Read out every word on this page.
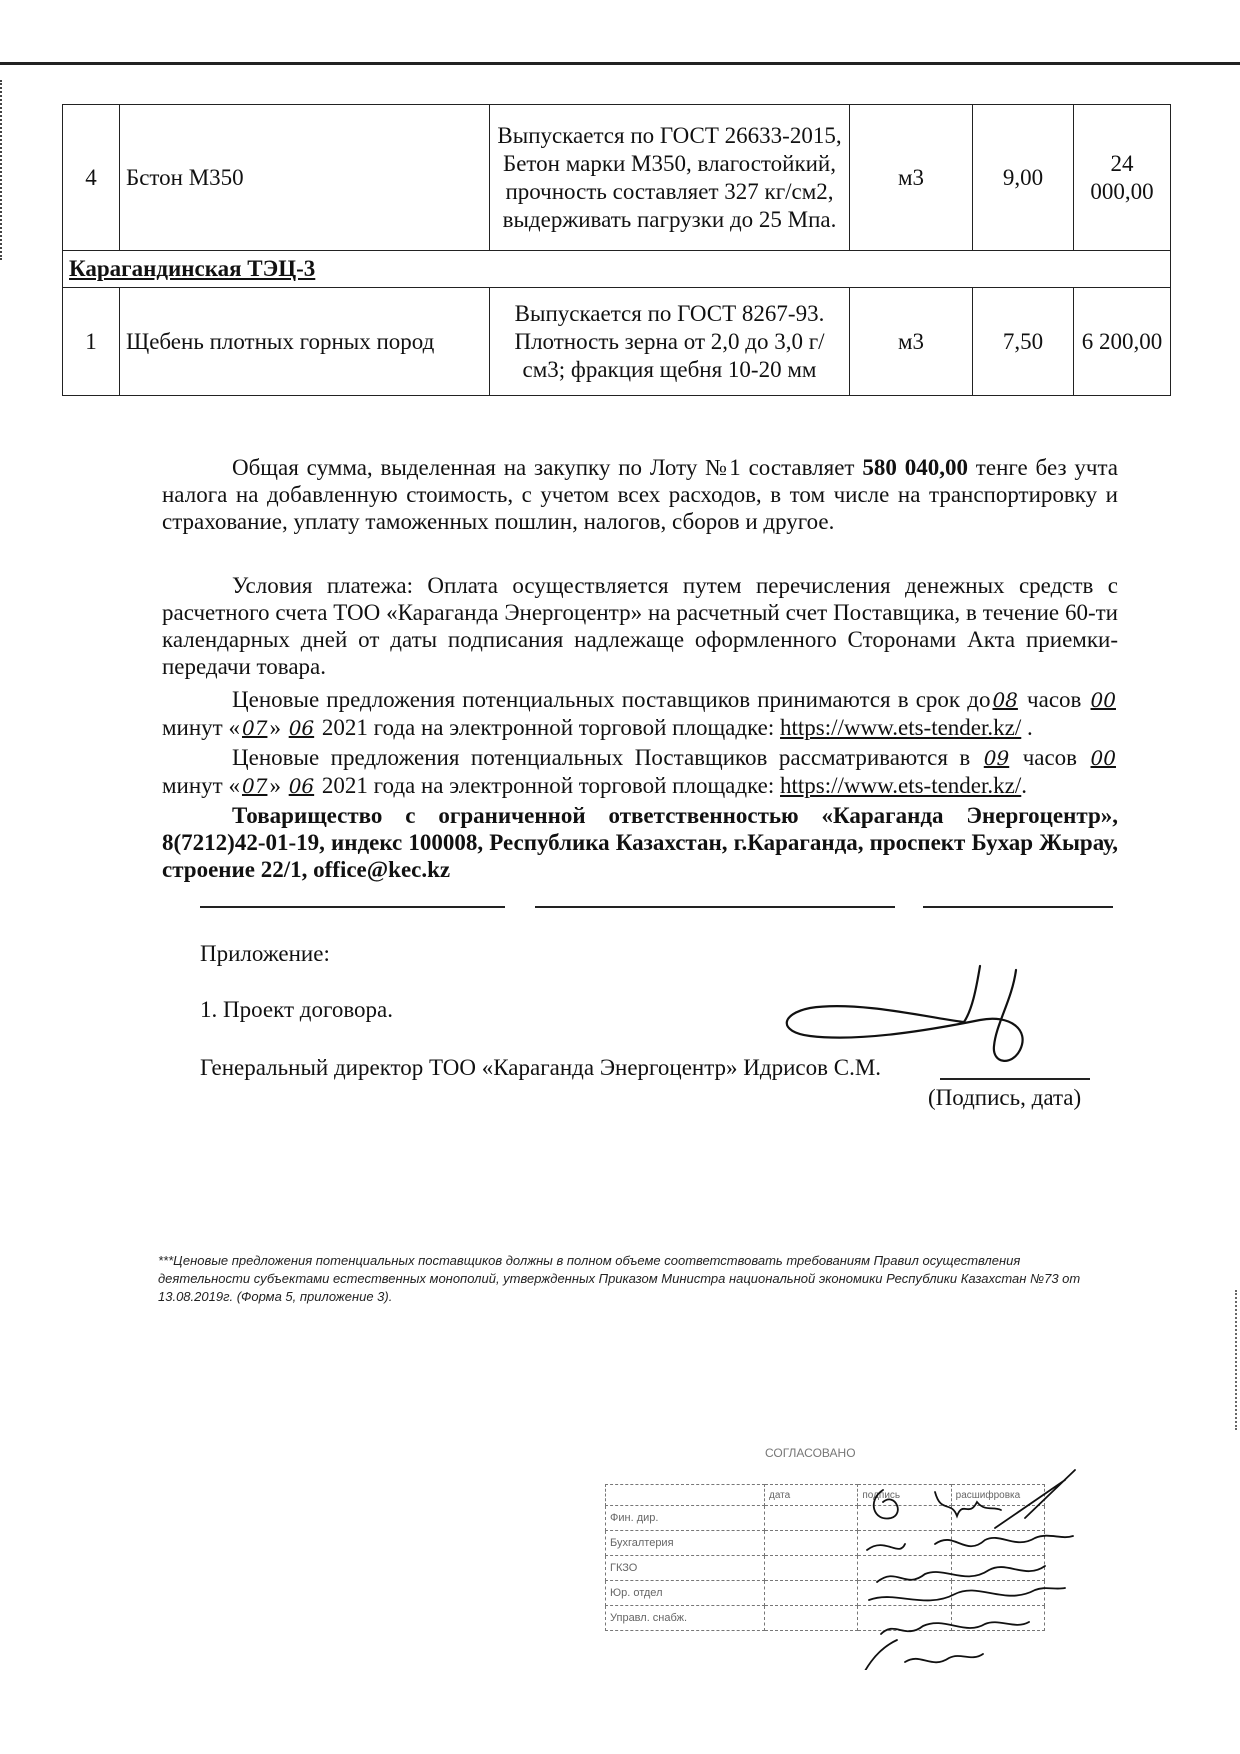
4	Бстон М350	Выпускается по ГОСТ 26633-2015, Бетон марки М350, влагостойкий, прочность составляет 327 кг/см2, выдерживать пагрузки до 25 Мпа.	м3	9,00	24 000,00
Карагандинская ТЭЦ-3					
1	Щебень плотных горных пород	Выпускается по ГОСТ 8267-93. Плотность зерна от 2,0 до 3,0 г/см3; фракция щебня 10-20 мм	м3	7,50	6 200,00

Общая сумма, выделенная на закупку по Лоту №1 составляет 580 040,00 тенге без учта налога на добавленную стоимость, с учетом всех расходов, в том числе на транспортировку и страхование, уплату таможенных пошлин, налогов, сборов и другое.

Условия платежа: Оплата осуществляется путем перечисления денежных средств с расчетного счета ТОО «Караганда Энергоцентр» на расчетный счет Поставщика, в течение 60-ти календарных дней от даты подписания надлежаще оформленного Сторонами Акта приемки-передачи товара.

Ценовые предложения потенциальных поставщиков принимаются в срок до 08 часов 00 минут « 07» 06 2021 года на электронной торговой площадке: https://www.ets-tender.kz/ .

Ценовые предложения потенциальных Поставщиков рассматриваются в 09 часов 00 минут « 07» 06 2021 года на электронной торговой площадке: https://www.ets-tender.kz/.

Товарищество с ограниченной ответственностью «Караганда Энергоцентр», 8(7212)42-01-19, индекс 100008, Республика Казахстан, г.Караганда, проспект Бухар Жырау, строение 22/1, office@kec.kz

Приложение:

1. Проект договора.

Генеральный директор ТОО «Караганда Энергоцентр» Идрисов С.М.

(Подпись, дата)

***Ценовые предложения потенциальных поставщиков должны в полном объеме соответствовать требованиям Правил осуществления деятельности субъектами естественных монополий, утвержденных Приказом Министра национальной экономики Республики Казахстан №73 от 13.08.2019г. (Форма 5, приложение 3).

СОГЛАСОВАНО
	дата	подпись	расшифровка
Фин. дир.			
Бухгалтерия			
ГКЗО			
Юр. отдел			
Управл. снабж.			
